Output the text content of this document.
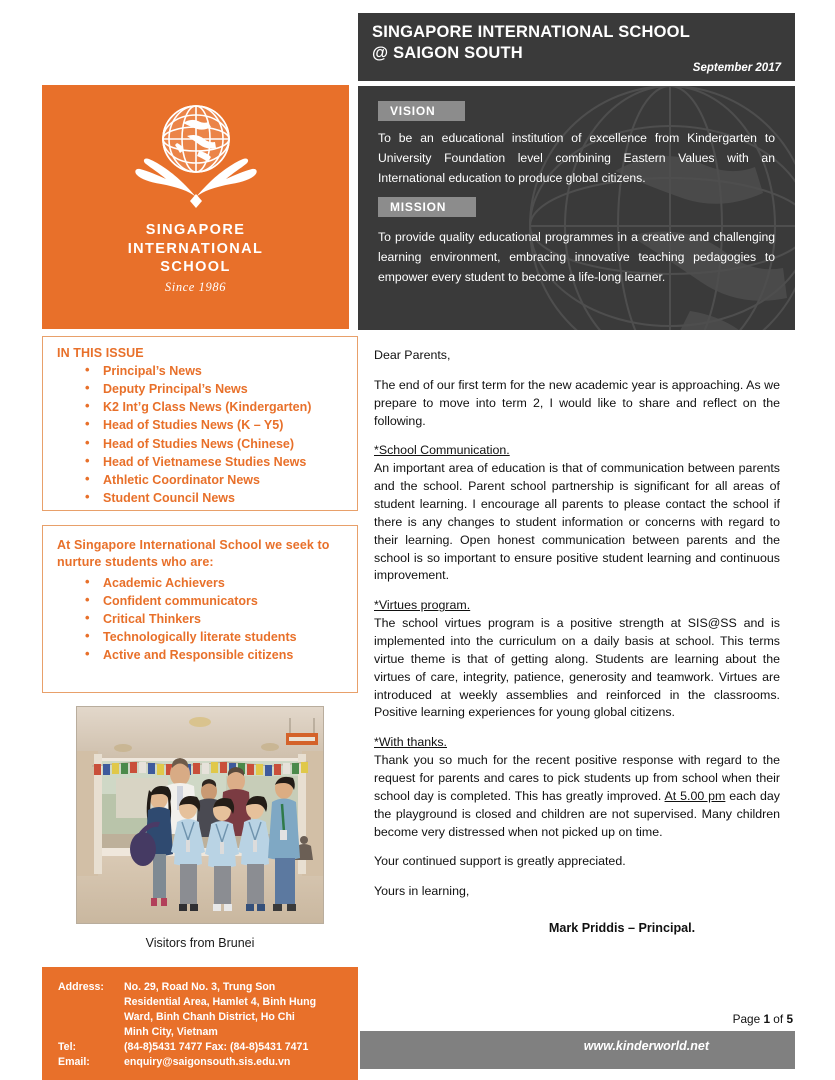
SINGAPORE
INTERNATIONAL
SCHOOL
Since 1986
IN THIS ISSUE
• Principal’s News
• Deputy Principal’s News
• K2 Int’g Class News (Kindergarten)
• Head of Studies News (K – Y5)
• Head of Studies News (Chinese)
• Head of Vietnamese Studies News
• Athletic Coordinator News
• Student Council News
At Singapore International School we seek to nurture students who are:
• Academic Achievers
• Confident communicators
• Critical Thinkers
• Technologically literate students
• Active and Responsible citizens
Visitors from Brunei
Address:	No. 29, Road No. 3, Trung Son
Residential Area, Hamlet 4, Binh Hung
Ward, Binh Chanh District, Ho Chi
Minh City, Vietnam
Tel:	(84-8)5431 7477 Fax: (84-8)5431 7471
Email:	enquiry@saigonsouth.sis.edu.vn
SINGAPORE INTERNATIONAL SCHOOL
@ SAIGON SOUTH
September 2017
VISION
To be an educational institution of excellence from Kindergarten to University Foundation level combining Eastern Values with an International education to produce global citizens.
MISSION
To provide quality educational programmes in a creative and challenging learning environment, embracing innovative teaching pedagogies to empower every student to become a life-long learner.

Dear Parents,

The end of our first term for the new academic year is approaching. As we prepare to move into term 2, I would like to share and reflect on the following.

*School Communication.

An important area of education is that of communication between parents and the school. Parent school partnership is significant for all areas of student learning. I encourage all parents to please contact the school if there is any changes to student information or concerns with regard to their learning. Open honest communication between parents and the school is so important to ensure positive student learning and continuous improvement.

*Virtues program.

The school virtues program is a positive strength at SIS@SS and is implemented into the curriculum on a daily basis at school. This terms virtue theme is that of getting along. Students are learning about the virtues of care, integrity, patience, generosity and teamwork. Virtues are introduced at weekly assemblies and reinforced in the classrooms. Positive learning experiences for young global citizens.

*With thanks.

Thank you so much for the recent positive response with regard to the request for parents and cares to pick students up from school when their school day is completed. This has greatly improved. At 5.00 pm each day the playground is closed and children are not supervised. Many children become very distressed when not picked up on time.

Your continued support is greatly appreciated.

Yours in learning,

Mark Priddis – Principal.
Page 1 of 5
www.kinderworld.net
